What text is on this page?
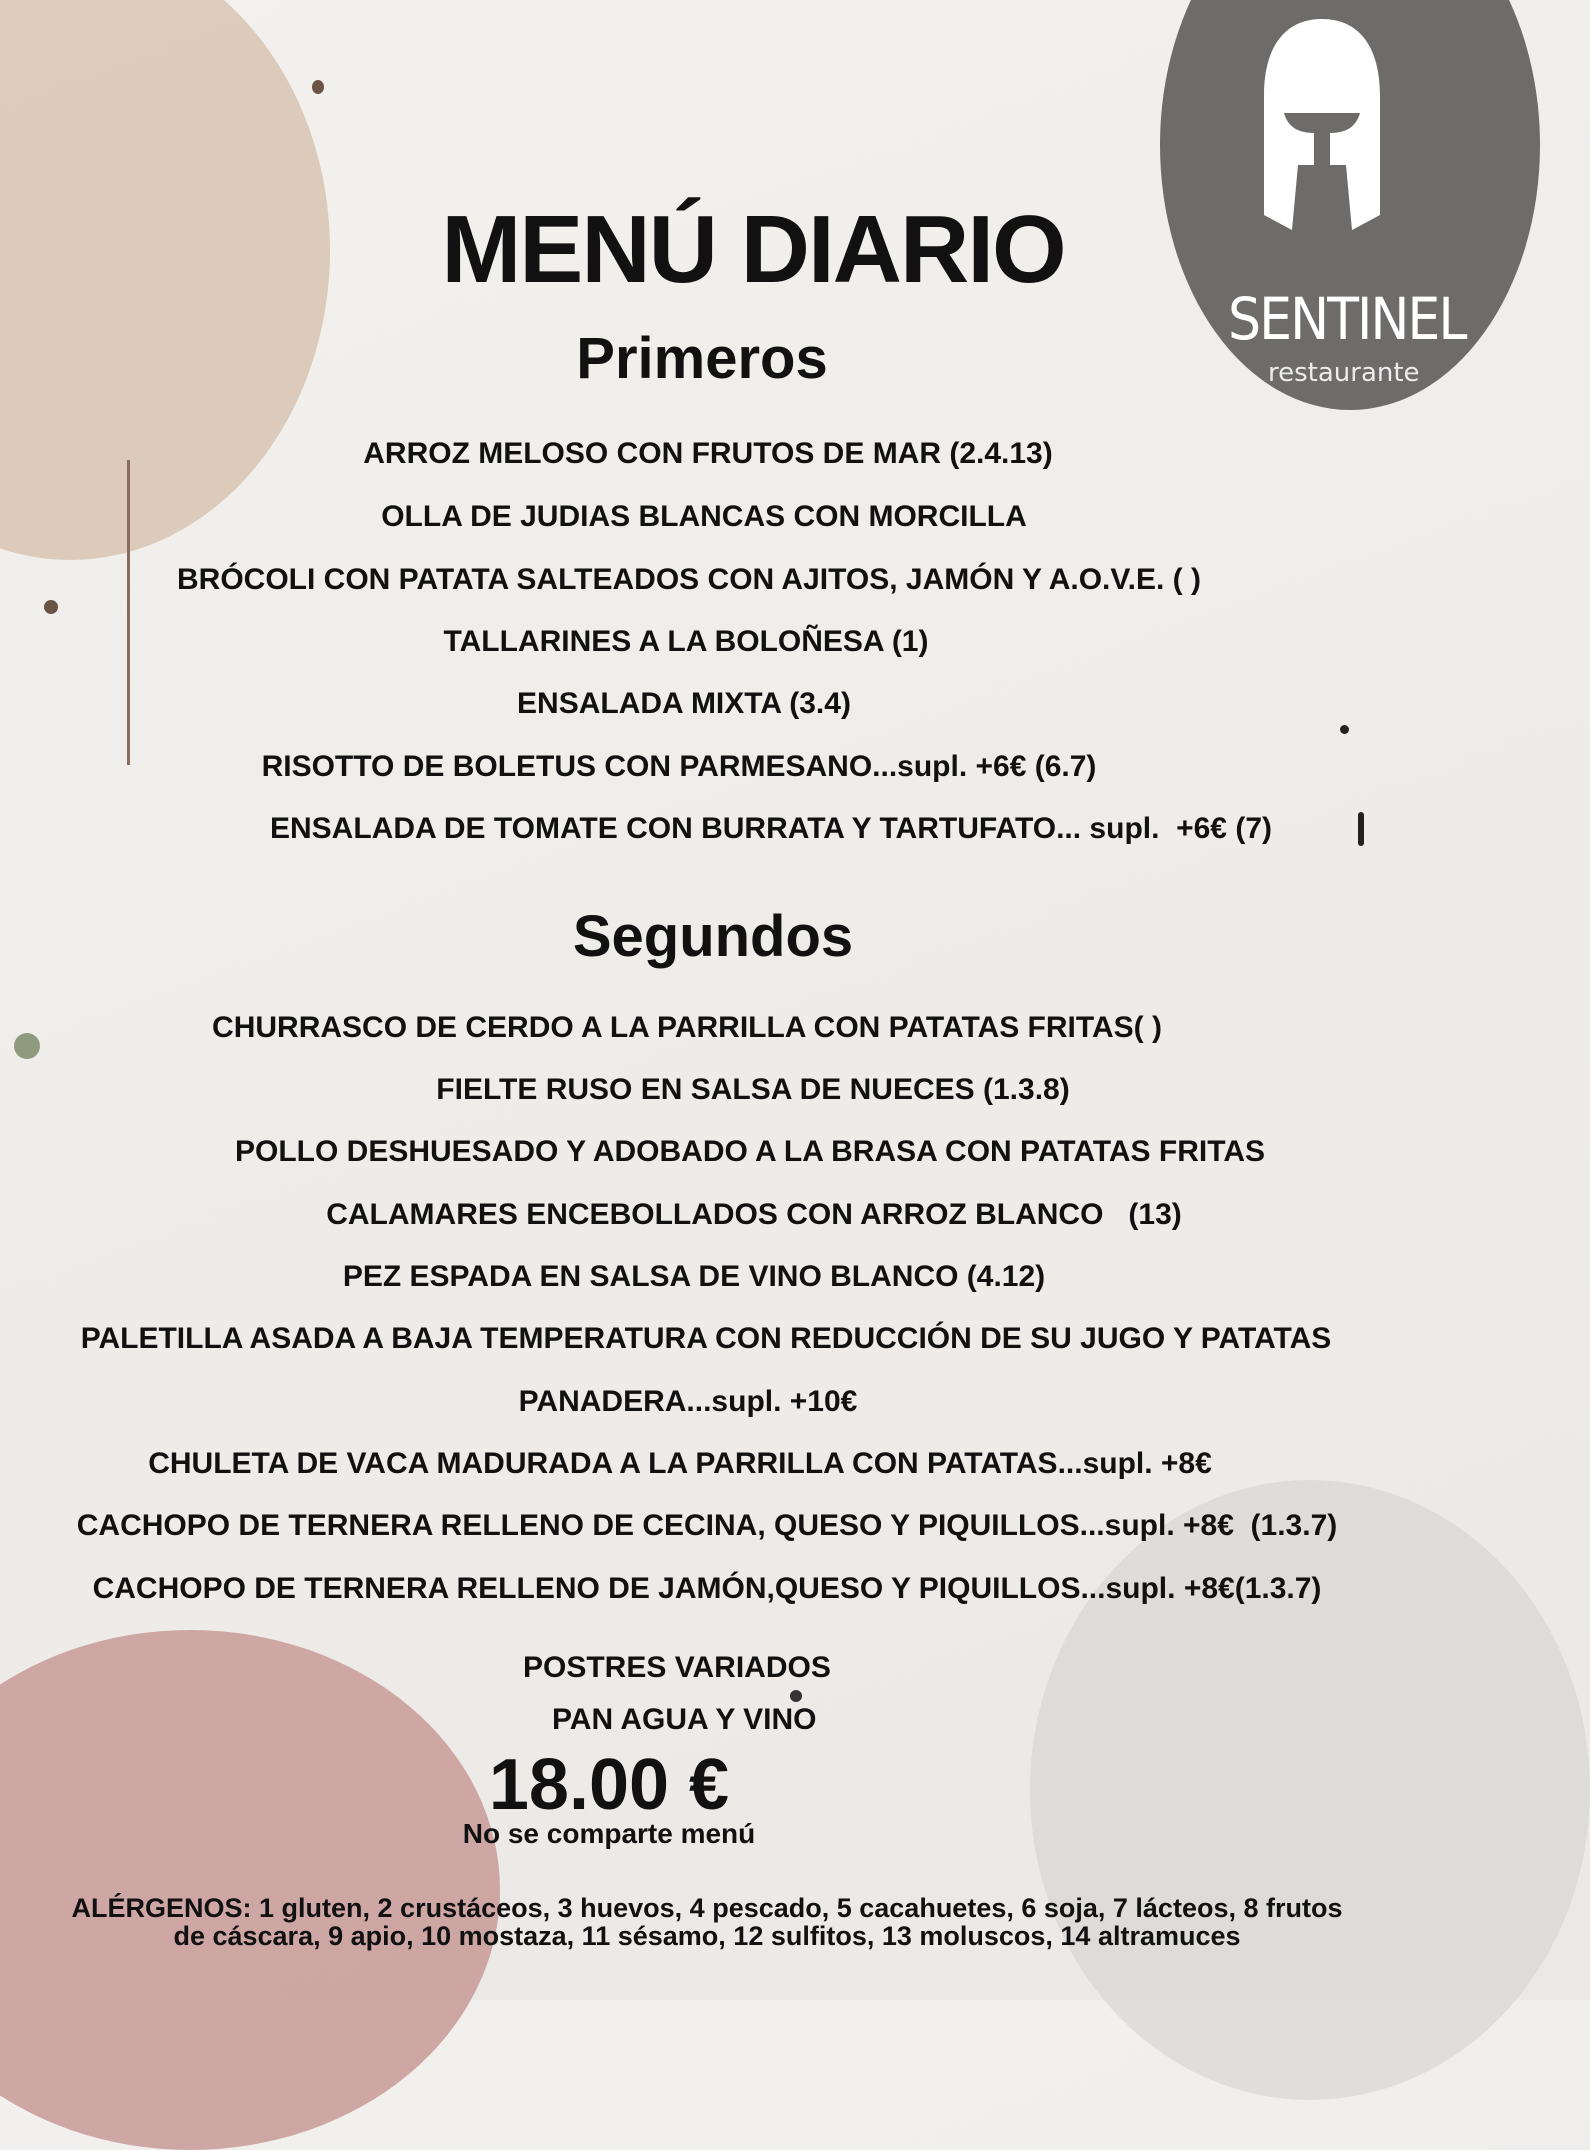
SENTINEL
restaurante
MENÚ DIARIO
Primeros
ARROZ MELOSO CON FRUTOS DE MAR (2.4.13)
OLLA DE JUDIAS BLANCAS CON MORCILLA
BRÓCOLI CON PATATA SALTEADOS CON AJITOS, JAMÓN Y A.O.V.E. ( )
TALLARINES A LA BOLOÑESA (1)
ENSALADA MIXTA (3.4)
RISOTTO DE BOLETUS CON PARMESANO...supl. +6€ (6.7)
ENSALADA DE TOMATE CON BURRATA Y TARTUFATO... supl.  +6€ (7)
Segundos
CHURRASCO DE CERDO A LA PARRILLA CON PATATAS FRITAS( )
FIELTE RUSO EN SALSA DE NUECES (1.3.8)
POLLO DESHUESADO Y ADOBADO A LA BRASA CON PATATAS FRITAS
CALAMARES ENCEBOLLADOS CON ARROZ BLANCO   (13)
PEZ ESPADA EN SALSA DE VINO BLANCO (4.12)
PALETILLA ASADA A BAJA TEMPERATURA CON REDUCCIÓN DE SU JUGO Y PATATAS
PANADERA...supl. +10€
CHULETA DE VACA MADURADA A LA PARRILLA CON PATATAS...supl. +8€
CACHOPO DE TERNERA RELLENO DE CECINA, QUESO Y PIQUILLOS...supl. +8€  (1.3.7)
CACHOPO DE TERNERA RELLENO DE JAMÓN,QUESO Y PIQUILLOS...supl. +8€(1.3.7)
POSTRES VARIADOS
PAN AGUA Y VINO
18.00 €
No se comparte menú
ALÉRGENOS: 1 gluten, 2 crustáceos, 3 huevos, 4 pescado, 5 cacahuetes, 6 soja, 7 lácteos, 8 frutos
de cáscara, 9 apio, 10 mostaza, 11 sésamo, 12 sulfitos, 13 moluscos, 14 altramuces
